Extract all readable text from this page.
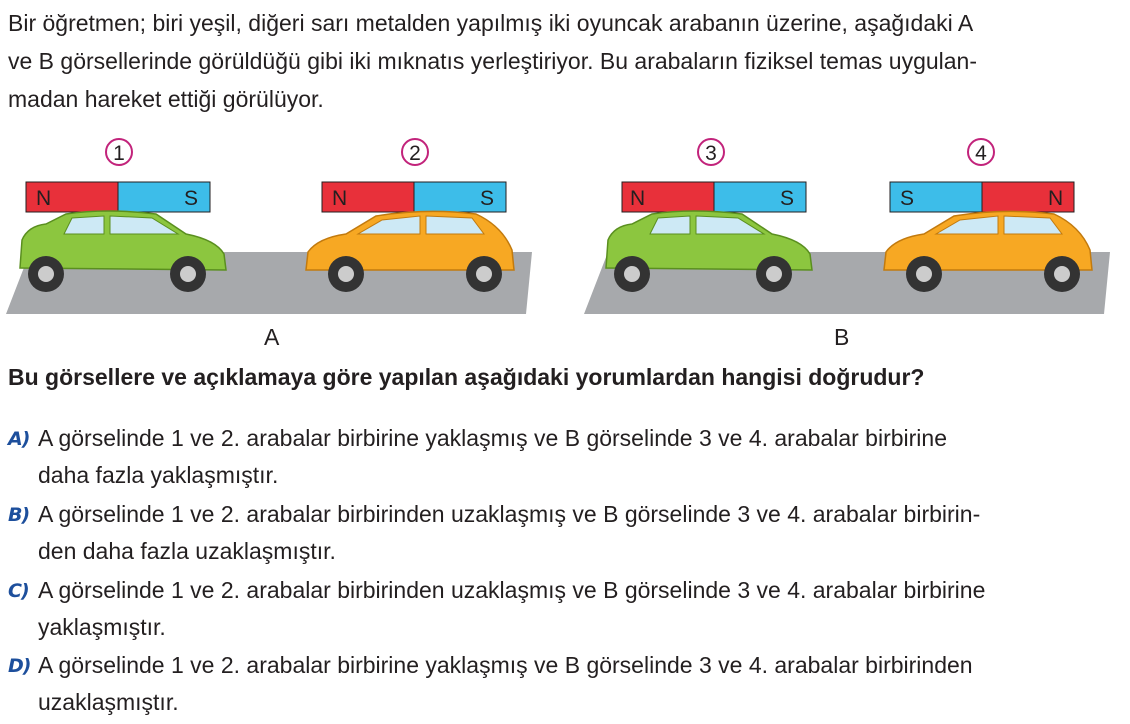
Bir öğretmen; biri yeşil, diğeri sarı metalden yapılmış iki oyuncak arabanın üzerine, aşağıdaki A
ve B görsellerinde görüldüğü gibi iki mıknatıs yerleştiriyor. Bu arabaların fiziksel temas uygulan-
madan hareket ettiği görülüyor.

1
N	S
2
N	S
A
3
N	S
4
S	N
B

Bu görsellere ve açıklamaya göre yapılan aşağıdaki yorumlardan hangisi doğrudur?

A) A görselinde 1 ve 2. arabalar birbirine yaklaşmış ve B görselinde 3 ve 4. arabalar birbirine
daha fazla yaklaşmıştır.
B) A görselinde 1 ve 2. arabalar birbirinden uzaklaşmış ve B görselinde 3 ve 4. arabalar birbirin-
den daha fazla uzaklaşmıştır.
C) A görselinde 1 ve 2. arabalar birbirinden uzaklaşmış ve B görselinde 3 ve 4. arabalar birbirine
yaklaşmıştır.
D) A görselinde 1 ve 2. arabalar birbirine yaklaşmış ve B görselinde 3 ve 4. arabalar birbirinden
uzaklaşmıştır.
